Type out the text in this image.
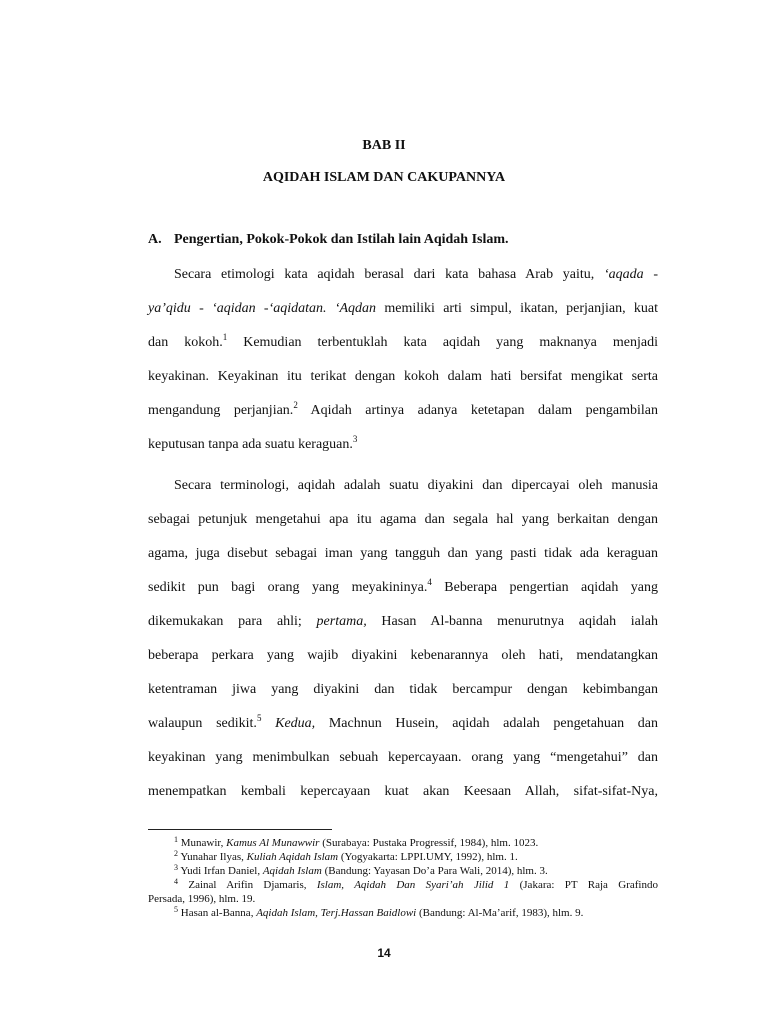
BAB II
AQIDAH ISLAM DAN CAKUPANNYA
A. Pengertian, Pokok-Pokok dan Istilah lain Aqidah Islam.
Secara etimologi kata aqidah berasal dari kata bahasa Arab yaitu, ‘aqada -
ya’qidu - ‘aqidan -‘aqidatan. ‘Aqdan memiliki arti simpul, ikatan, perjanjian, kuat
dan kokoh.$^1$ Kemudian terbentuklah kata aqidah yang maknanya menjadi
keyakinan. Keyakinan itu terikat dengan kokoh dalam hati bersifat mengikat serta
mengandung perjanjian.$^2$ Aqidah artinya adanya ketetapan dalam pengambilan
keputusan tanpa ada suatu keraguan.$^3$
Secara terminologi, aqidah adalah suatu diyakini dan dipercayai oleh manusia
sebagai petunjuk mengetahui apa itu agama dan segala hal yang berkaitan dengan
agama, juga disebut sebagai iman yang tangguh dan yang pasti tidak ada keraguan
sedikit pun bagi orang yang meyakininya.$^4$ Beberapa pengertian aqidah yang
dikemukakan para ahli; pertama, Hasan Al-banna menurutnya aqidah ialah
beberapa perkara yang wajib diyakini kebenarannya oleh hati, mendatangkan
ketentraman jiwa yang diyakini dan tidak bercampur dengan kebimbangan
walaupun sedikit.$^5$ Kedua, Machnun Husein, aqidah adalah pengetahuan dan
keyakinan yang menimbulkan sebuah kepercayaan. orang yang “mengetahui” dan
menempatkan kembali kepercayaan kuat akan Keesaan Allah, sifat-sifat-Nya,
$^1$ Munawir, Kamus Al Munawwir (Surabaya: Pustaka Progressif, 1984), hlm. 1023.
$^2$ Yunahar Ilyas, Kuliah Aqidah Islam (Yogyakarta: LPPI.UMY, 1992), hlm. 1.
$^3$ Yudi Irfan Daniel, Aqidah Islam (Bandung: Yayasan Do’a Para Wali, 2014), hlm. 3.
$^4$ Zainal Arifin Djamaris, Islam, Aqidah Dan Syari’ah Jilid 1 (Jakara: PT Raja Grafindo
Persada, 1996), hlm. 19.
$^5$ Hasan al-Banna, Aqidah Islam, Terj.Hassan Baidlowi (Bandung: Al-Ma’arif, 1983), hlm. 9.
14
